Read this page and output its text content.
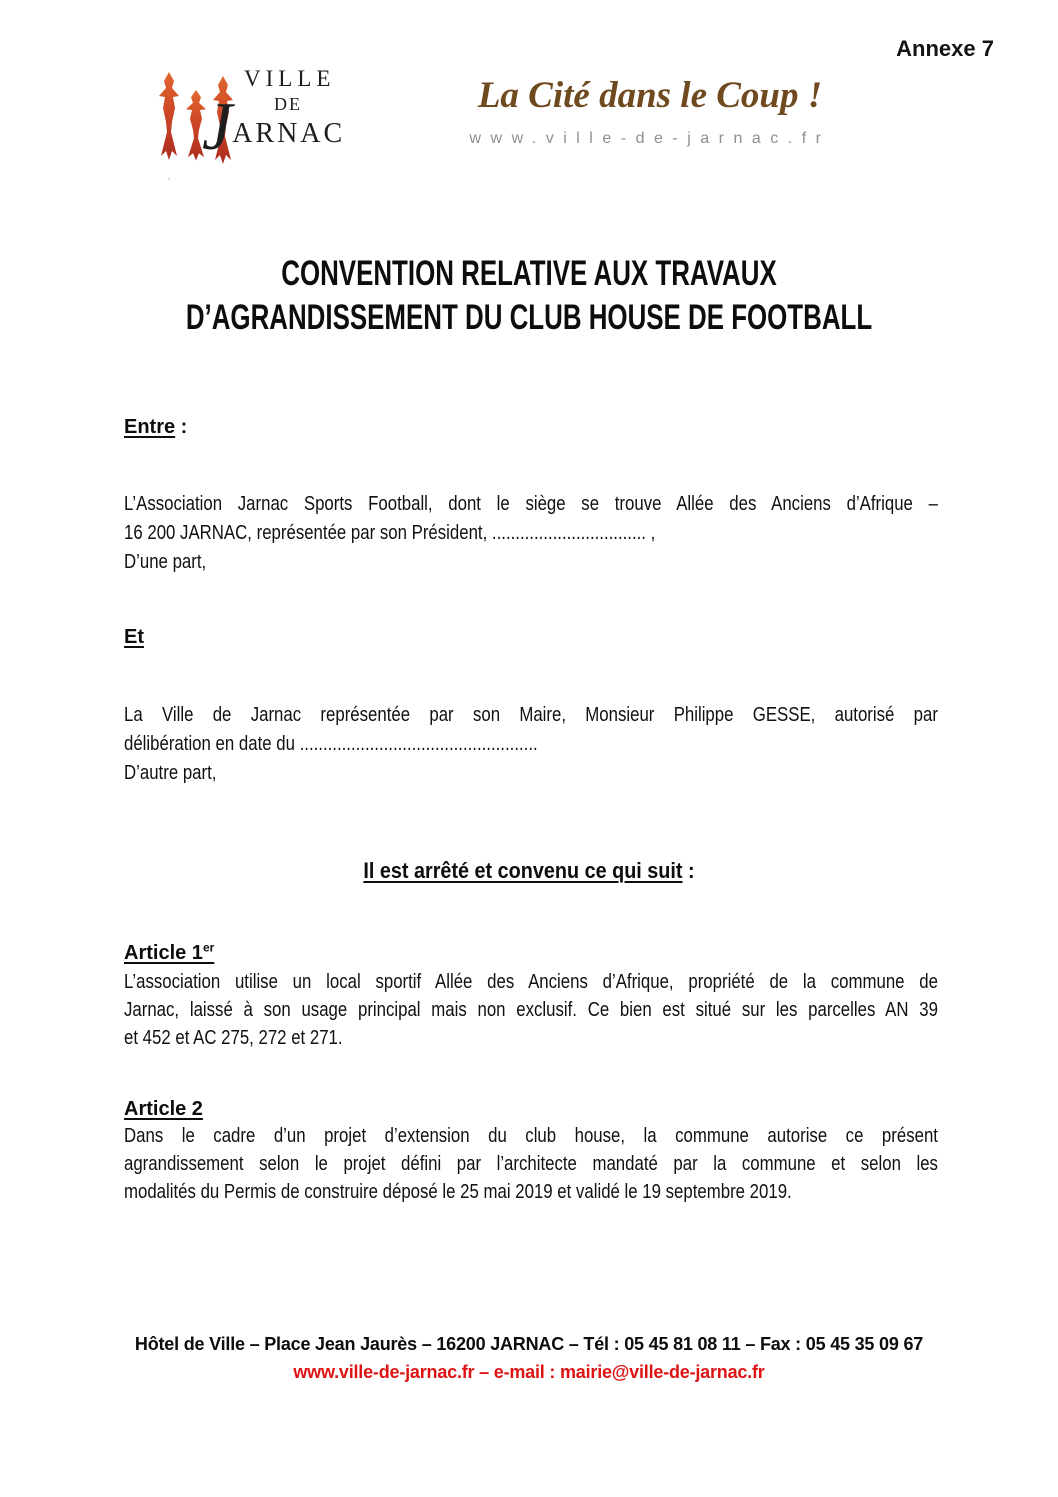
Annexe 7
VILLE
DE
J ARNAC
La Cité dans le Coup !
www.ville-de-jarnac.fr
CONVENTION RELATIVE AUX TRAVAUX
D’AGRANDISSEMENT DU CLUB HOUSE DE FOOTBALL
Entre :
L’Association Jarnac Sports Football, dont le siège se trouve Allée des Anciens d’Afrique –
16 200 JARNAC, représentée par son Président, ................................. ,
D’une part,
Et
La Ville de Jarnac représentée par son Maire, Monsieur Philippe GESSE, autorisé par
délibération en date du ...................................................
D’autre part,
Il est arrêté et convenu ce qui suit :
Article 1er
L’association utilise un local sportif Allée des Anciens d’Afrique, propriété de la commune de
Jarnac, laissé à son usage principal mais non exclusif. Ce bien est situé sur les parcelles AN 39
et 452 et AC 275, 272 et 271.
Article 2
Dans le cadre d’un projet d’extension du club house, la commune autorise ce présent
agrandissement selon le projet défini par l’architecte mandaté par la commune et selon les
modalités du Permis de construire déposé le 25 mai 2019 et validé le 19 septembre 2019.
Hôtel de Ville – Place Jean Jaurès – 16200 JARNAC – Tél : 05 45 81 08 11 – Fax : 05 45 35 09 67
www.ville-de-jarnac.fr – e-mail : mairie@ville-de-jarnac.fr
